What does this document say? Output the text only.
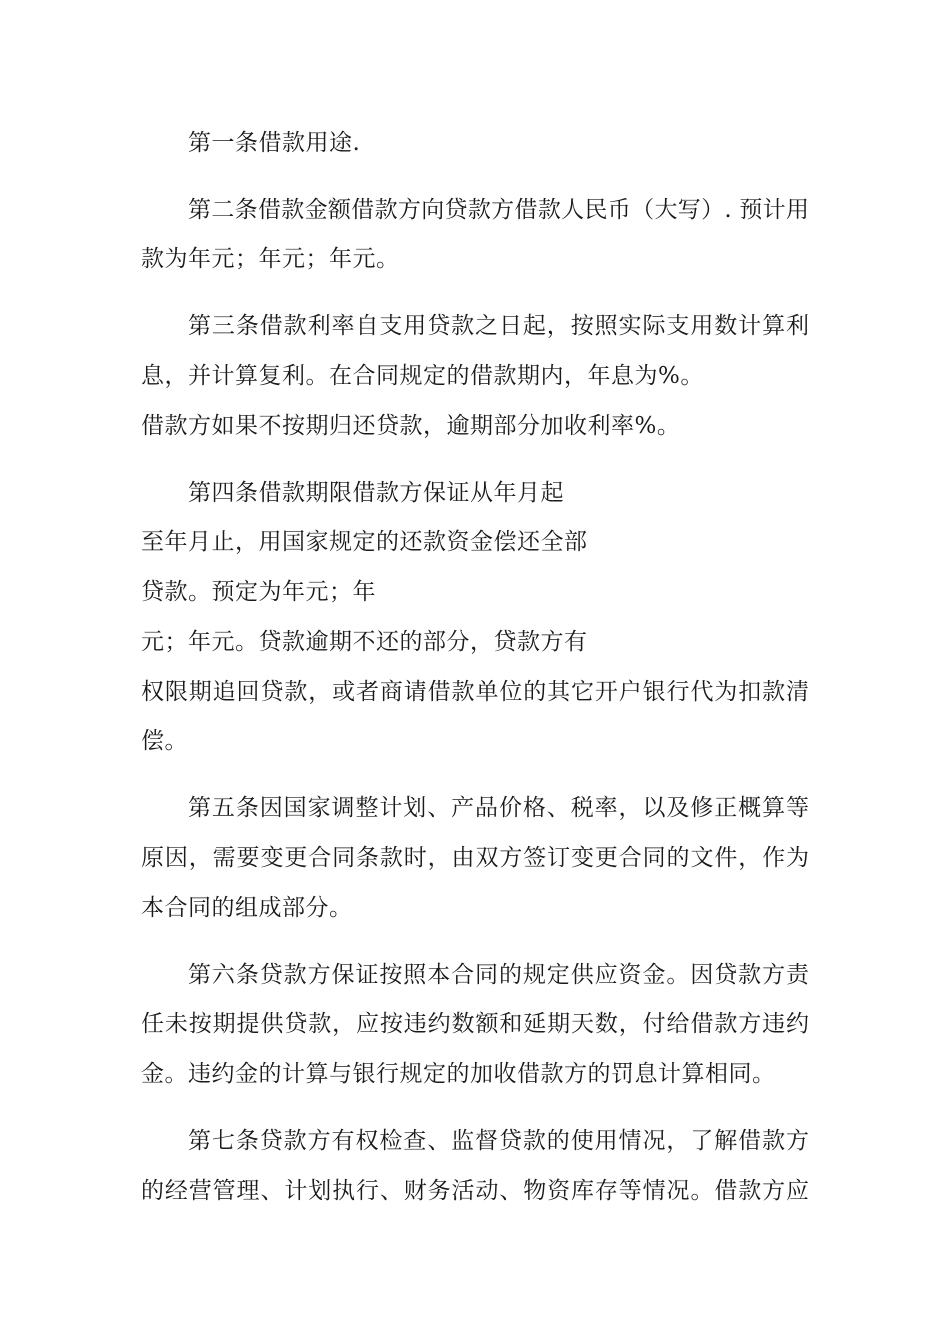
第一条借款用途.

第二条借款金额借款方向贷款方借款人民币（大写）. 预计用

款为年元；年元；年元。

第三条借款利率自支用贷款之日起，按照实际支用数计算利

息，并计算复利。在合同规定的借款期内，年息为%。

借款方如果不按期归还贷款，逾期部分加收利率%。

第四条借款期限借款方保证从年月起

至年月止，用国家规定的还款资金偿还全部

贷款。预定为年元；年

元；年元。贷款逾期不还的部分，贷款方有

权限期追回贷款，或者商请借款单位的其它开户银行代为扣款清

偿。

第五条因国家调整计划、产品价格、税率，以及修正概算等

原因，需要变更合同条款时，由双方签订变更合同的文件，作为

本合同的组成部分。

第六条贷款方保证按照本合同的规定供应资金。因贷款方责

任未按期提供贷款，应按违约数额和延期天数，付给借款方违约

金。违约金的计算与银行规定的加收借款方的罚息计算相同。

第七条贷款方有权检查、监督贷款的使用情况，了解借款方

的经营管理、计划执行、财务活动、物资库存等情况。借款方应
